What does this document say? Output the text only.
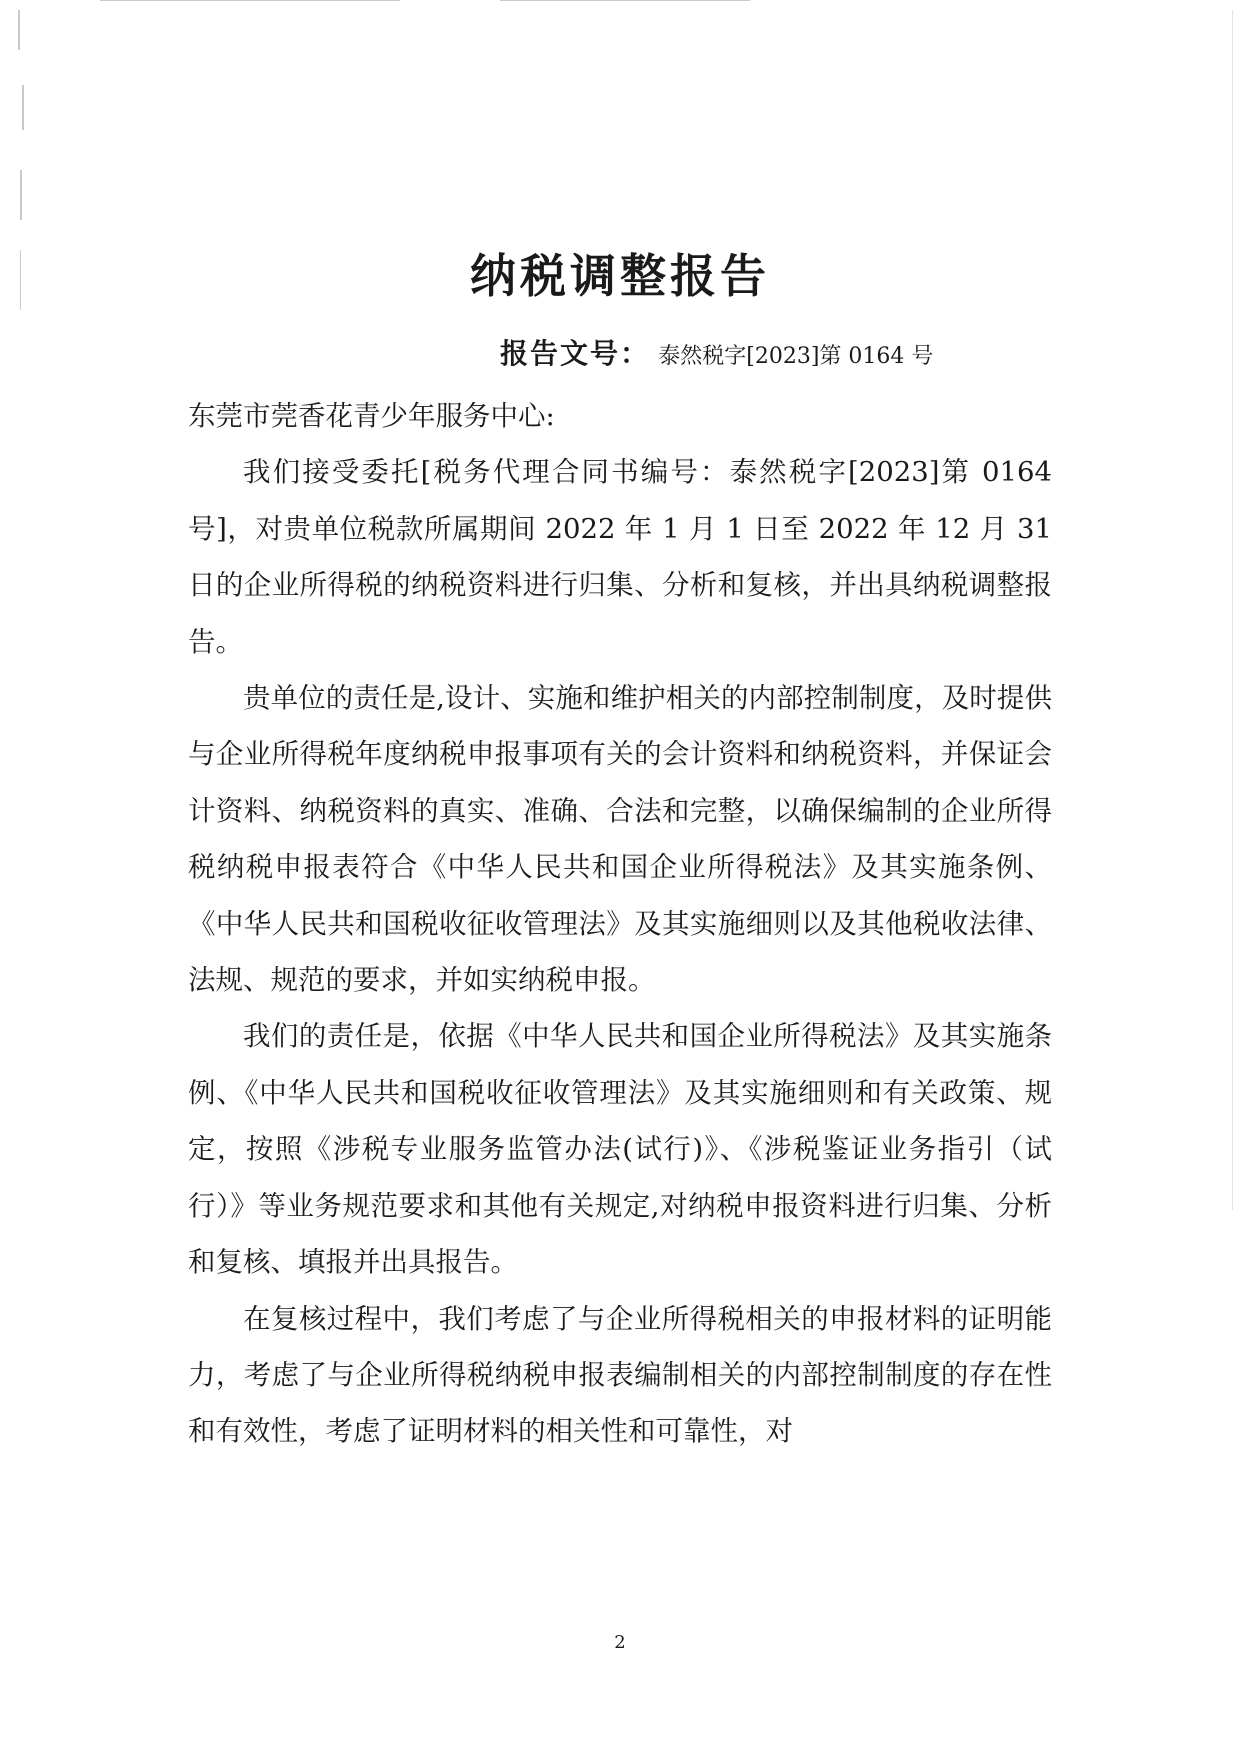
纳税调整报告
报告文号： 泰然税字[2023]第 0164 号

东莞市莞香花青少年服务中心:

我们接受委托[税务代理合同书编号：泰然税字[2023]第 0164 号]，对贵单位税款所属期间 2022 年 1 月 1 日至 2022 年 12 月 31 日的企业所得税的纳税资料进行归集、分析和复核，并出具纳税调整报告。

贵单位的责任是,设计、实施和维护相关的内部控制制度，及时提供与企业所得税年度纳税申报事项有关的会计资料和纳税资料，并保证会计资料、纳税资料的真实、准确、合法和完整，以确保编制的企业所得税纳税申报表符合《中华人民共和国企业所得税法》及其实施条例、《中华人民共和国税收征收管理法》及其实施细则以及其他税收法律、法规、规范的要求，并如实纳税申报。

我们的责任是，依据《中华人民共和国企业所得税法》及其实施条例、《中华人民共和国税收征收管理法》及其实施细则和有关政策、规定，按照《涉税专业服务监管办法(试行)》、《涉税鉴证业务指引（试行）》等业务规范要求和其他有关规定,对纳税申报资料进行归集、分析和复核、填报并出具报告。

在复核过程中，我们考虑了与企业所得税相关的申报材料的证明能力，考虑了与企业所得税纳税申报表编制相关的内部控制制度的存在性和有效性，考虑了证明材料的相关性和可靠性，对

2
